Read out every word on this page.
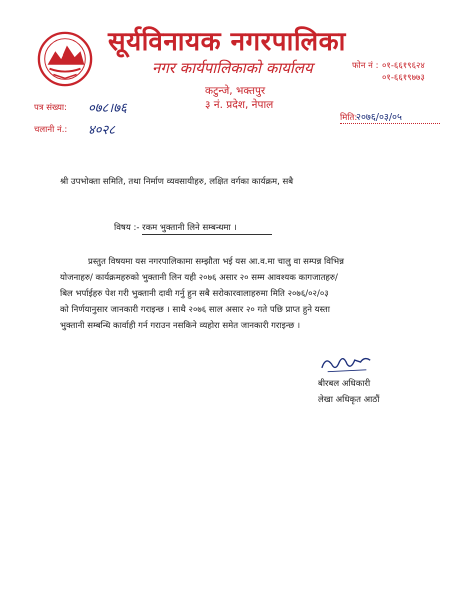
सूर्यविनायक नगरपालिका
नगर कार्यपालिकाको कार्यालय
कटुन्जे, भक्तपुर
३ नं. प्रदेश, नेपाल
फोन नं : ०१-६६१९६२४
०१-६६१९७७३
पत्र संख्या: ०७८।७६
चलानी नं.: ४०२८
मिति:
२०७६/०३/०५
श्री उपभोक्ता समिति, तथा निर्माण व्यवसायीहरु, लक्षित वर्गका कार्यक्रम, सबै
विषय :- रकम भुक्तानी लिने सम्बन्धमा ।
प्रस्तुत विषयमा यस नगरपालिकामा सम्झौता भई यस आ.व.मा चालु वा सम्पन्न विभिन्न
योजनाहरु/ कार्यक्रमहरुको भुक्तानी लिन यही २०७६ असार २० सम्म आवश्यक कागजातहरु/
बिल भर्पाईहरु पेश गरी भुक्तानी दावी गर्नु हुन सबै सरोकारवालाहरुमा मिति २०७६/०२/०३
को निर्णयानुसार जानकारी गराइन्छ । साथै २०७६ साल असार २० गते पछि प्राप्त हुने यस्ता
भुक्तानी सम्बन्धि कार्वाही गर्न गराउन नसकिने व्यहोरा समेत जानकारी गराइन्छ ।
बीरबल अधिकारी
लेखा अधिकृत आठौं
